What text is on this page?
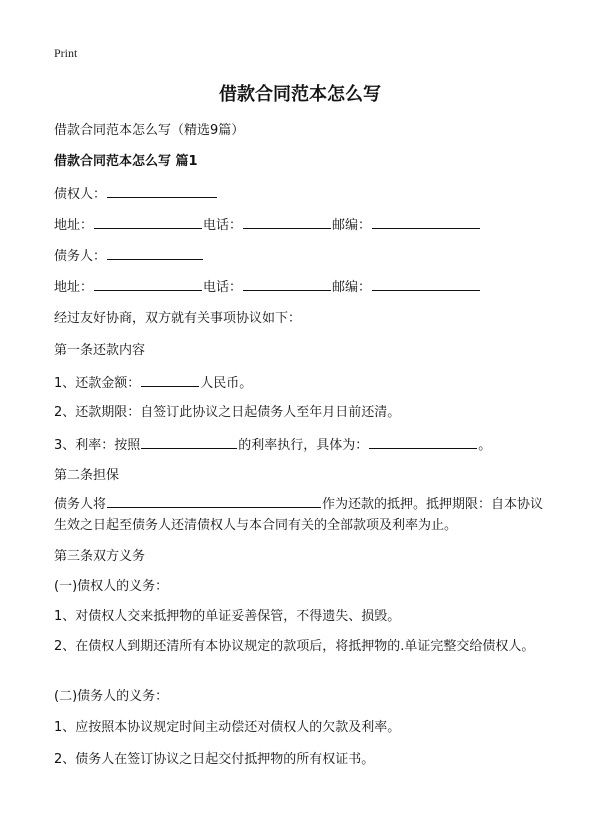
Print
借款合同范本怎么写
借款合同范本怎么写（精选9篇）
借款合同范本怎么写 篇1
债权人：
地址：	电话：	邮编：
债务人：
地址：	电话：	邮编：
经过友好协商，双方就有关事项协议如下：
第一条还款内容
1、还款金额：	人民币。
2、还款期限：自签订此协议之日起债务人至年月日前还清。
3、利率：按照	的利率执行，具体为：	。
第二条担保
债务人将	作为还款的抵押。抵押期限：自本协议生效之日起至债务人还清债权人与本合同有关的全部款项及利率为止。
第三条双方义务
(一)债权人的义务：
1、对债权人交来抵押物的单证妥善保管，不得遗失、损毁。
2、在债权人到期还清所有本协议规定的款项后，将抵押物的.单证完整交给债权人。
(二)债务人的义务：
1、应按照本协议规定时间主动偿还对债权人的欠款及利率。
2、债务人在签订协议之日起交付抵押物的所有权证书。
